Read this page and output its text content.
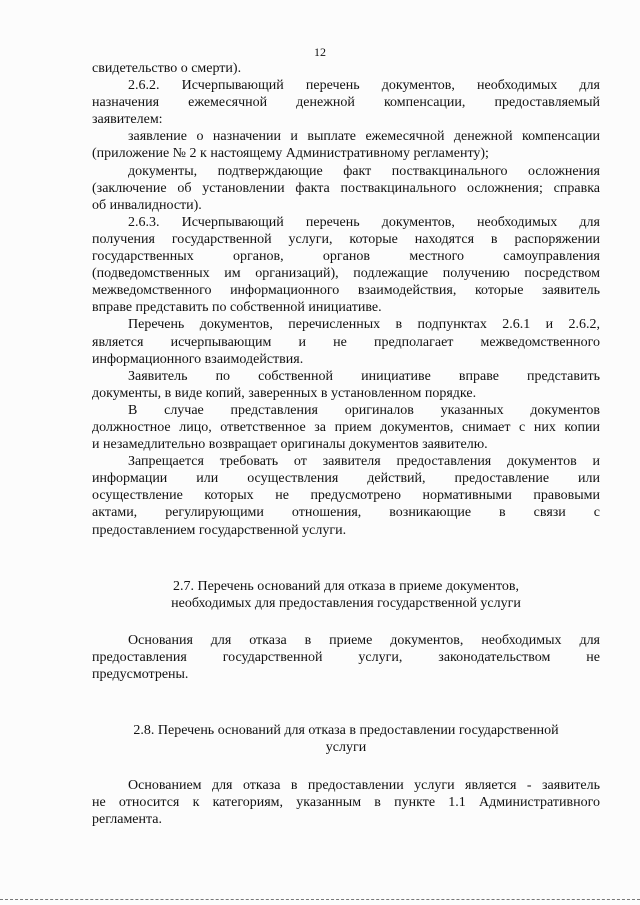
12

свидетельство о смерти).

2.6.2. Исчерпывающий перечень документов, необходимых для
назначения ежемесячной денежной компенсации, предоставляемый
заявителем:

заявление о назначении и выплате ежемесячной денежной компенсации
(приложение № 2 к настоящему Административному регламенту);

документы, подтверждающие факт поствакцинального осложнения
(заключение об установлении факта поствакцинального осложнения; справка
об инвалидности).

2.6.3. Исчерпывающий перечень документов, необходимых для
получения государственной услуги, которые находятся в распоряжении
государственных органов, органов местного самоуправления
(подведомственных им организаций), подлежащие получению посредством
межведомственного информационного взаимодействия, которые заявитель
вправе представить по собственной инициативе.

Перечень документов, перечисленных в подпунктах 2.6.1 и 2.6.2,
является исчерпывающим и не предполагает межведомственного
информационного взаимодействия.

Заявитель по собственной инициативе вправе представить
документы, в виде копий, заверенных в установленном порядке.

В случае представления оригиналов указанных документов
должностное лицо, ответственное за прием документов, снимает с них копии
и незамедлительно возвращает оригиналы документов заявителю.

Запрещается требовать от заявителя предоставления документов и
информации или осуществления действий, предоставление или
осуществление которых не предусмотрено нормативными правовыми
актами, регулирующими отношения, возникающие в связи с
предоставлением государственной услуги.

2.7. Перечень оснований для отказа в приеме документов,
необходимых для предоставления государственной услуги

Основания для отказа в приеме документов, необходимых для
предоставления государственной услуги, законодательством не
предусмотрены.

2.8. Перечень оснований для отказа в предоставлении государственной
услуги

Основанием для отказа в предоставлении услуги является - заявитель
не относится к категориям, указанным в пункте 1.1 Административного
регламента.
